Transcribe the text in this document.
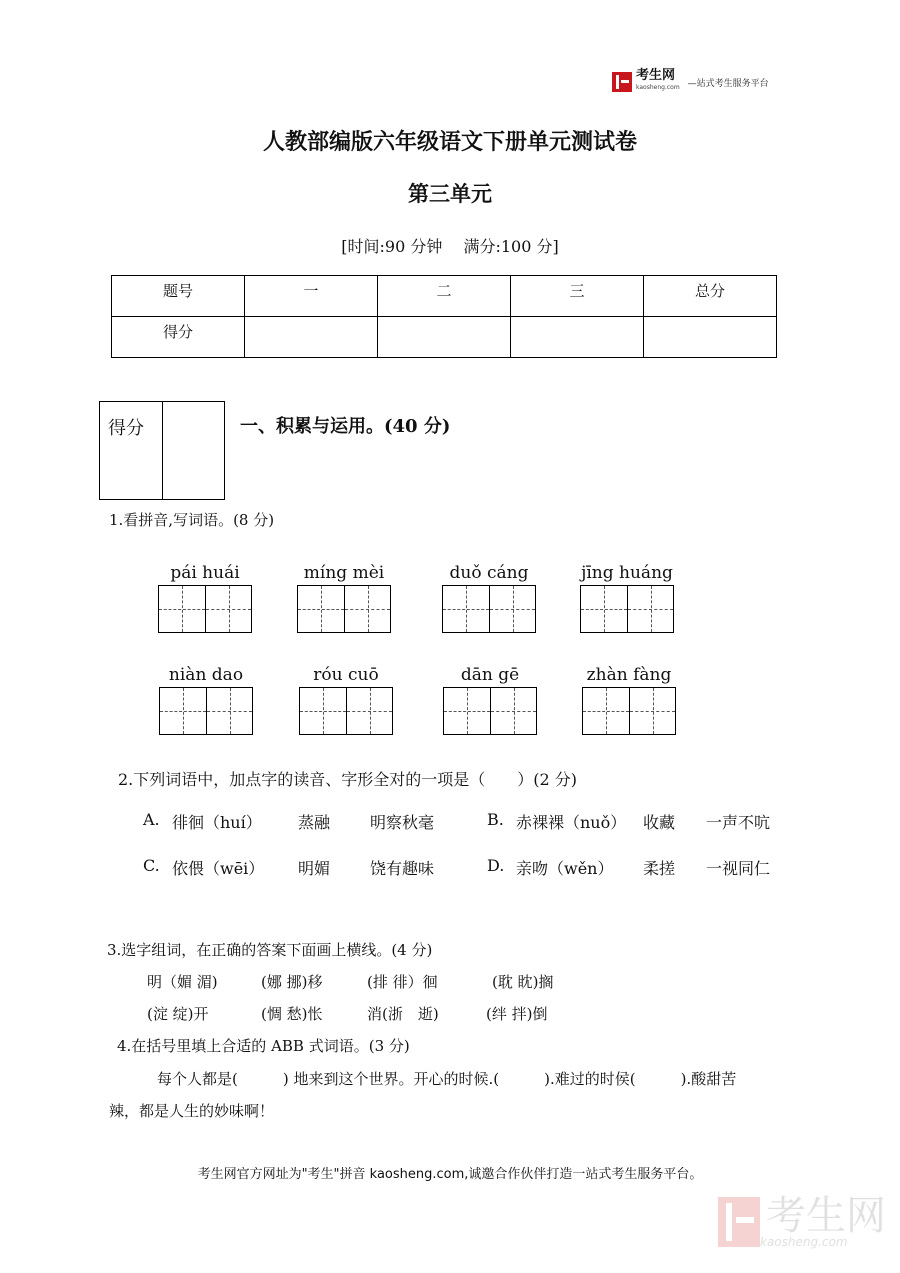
考生网
kaosheng.com —站式考生服务平台
人教部编版六年级语文下册单元测试卷
第三单元
[时间:90 分钟　 满分:100 分]
题号	一	二	三	总分
得分				
得分	一、积累与运用。(40 分)
1.看拼音,写词语。(8 分)
pái huái	míng mèi	duǒ cáng	jīng huáng
niàn dao	róu cuō	dān gē	zhàn fàng
2.下列词语中，加点字的读音、字形全对的一项是（　　）(2 分)
A. 徘徊（huí） 蒸融 明察秋毫	B. 赤裸裸（nuǒ） 收藏 一声不吭
C. 依偎（wēi） 明媚 饶有趣味	D. 亲吻（wěn） 柔搓 一视同仁
3.选字组词，在正确的答案下面画上横线。(4 分)
明（媚 湄)	(娜 挪)移	(排 徘）徊	(耽 眈)搁
(淀 绽)开	(惆 愁)怅	消(浙　逝)	(绊 拌)倒
4.在括号里填上合适的 ABB 式词语。(3 分)
每个人都是(　　　) 地来到这个世界。开心的时候.(　　　).难过的时侯(　　　).酸甜苦
辣，都是人生的妙味啊！
考生网官方网址为"考生"拼音 kaosheng.com,诚邀合作伙伴打造一站式考生服务平台。
考生网
kaosheng.com
